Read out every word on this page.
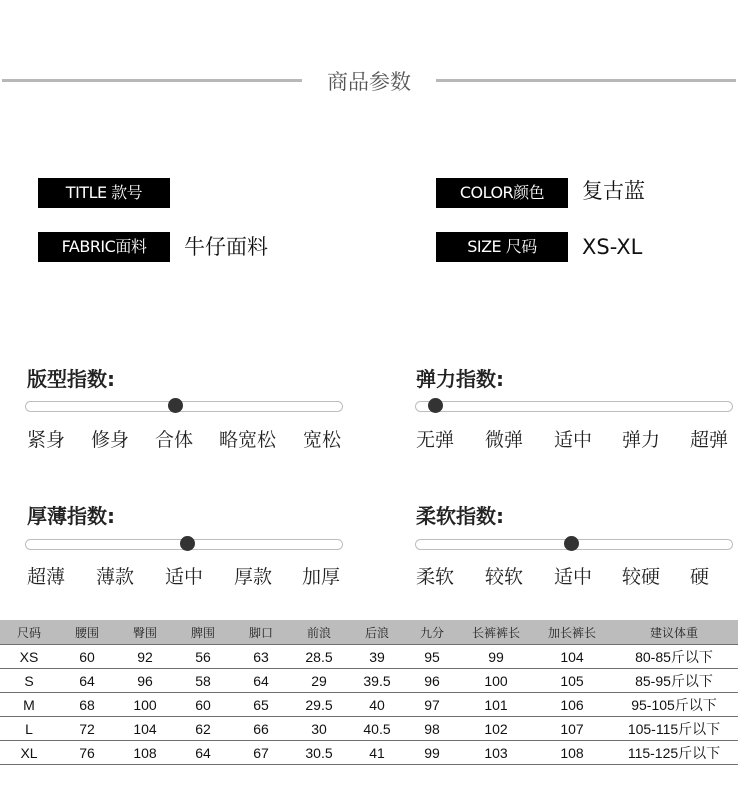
商品参数
TITLE 款号
FABRIC面料	牛仔面料
COLOR颜色	复古蓝
SIZE 尺码	XS-XL
版型指数:
紧身 修身 合体 略宽松 宽松
弹力指数:
无弹 微弹 适中 弹力 超弹
厚薄指数:
超薄 薄款 适中 厚款 加厚
柔软指数:
柔软 较软 适中 较硬 硬
尺码	腰围	臀围	脾围	脚口	前浪	后浪	九分	长裤裤长	加长裤长	建议体重
XS	60	92	56	63	28.5	39	95	99	104	80-85斤以下
S	64	96	58	64	29	39.5	96	100	105	85-95斤以下
M	68	100	60	65	29.5	40	97	101	106	95-105斤以下
L	72	104	62	66	30	40.5	98	102	107	105-115斤以下
XL	76	108	64	67	30.5	41	99	103	108	115-125斤以下
